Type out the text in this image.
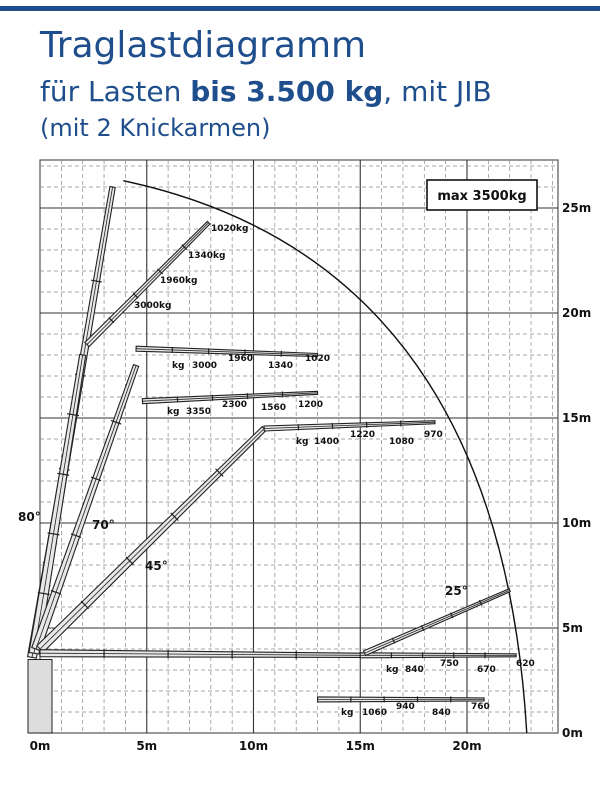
Traglastdiagramm
für Lasten bis 3.500 kg, mit JIB
(mit 2 Knickarmen)
0m	5m	10m	15m	20m
0m
5m
10m
15m
20m
25m
max 3500kg
80°
70°
45°
25°
1020kg
1340kg
1960kg
3000kg
kg 3000
1960
1340
1020
kg 3350
2300 1560 1200
kg 1400
1220
1080
970
kg 840
750
670
620
kg 1060
940
840
760
